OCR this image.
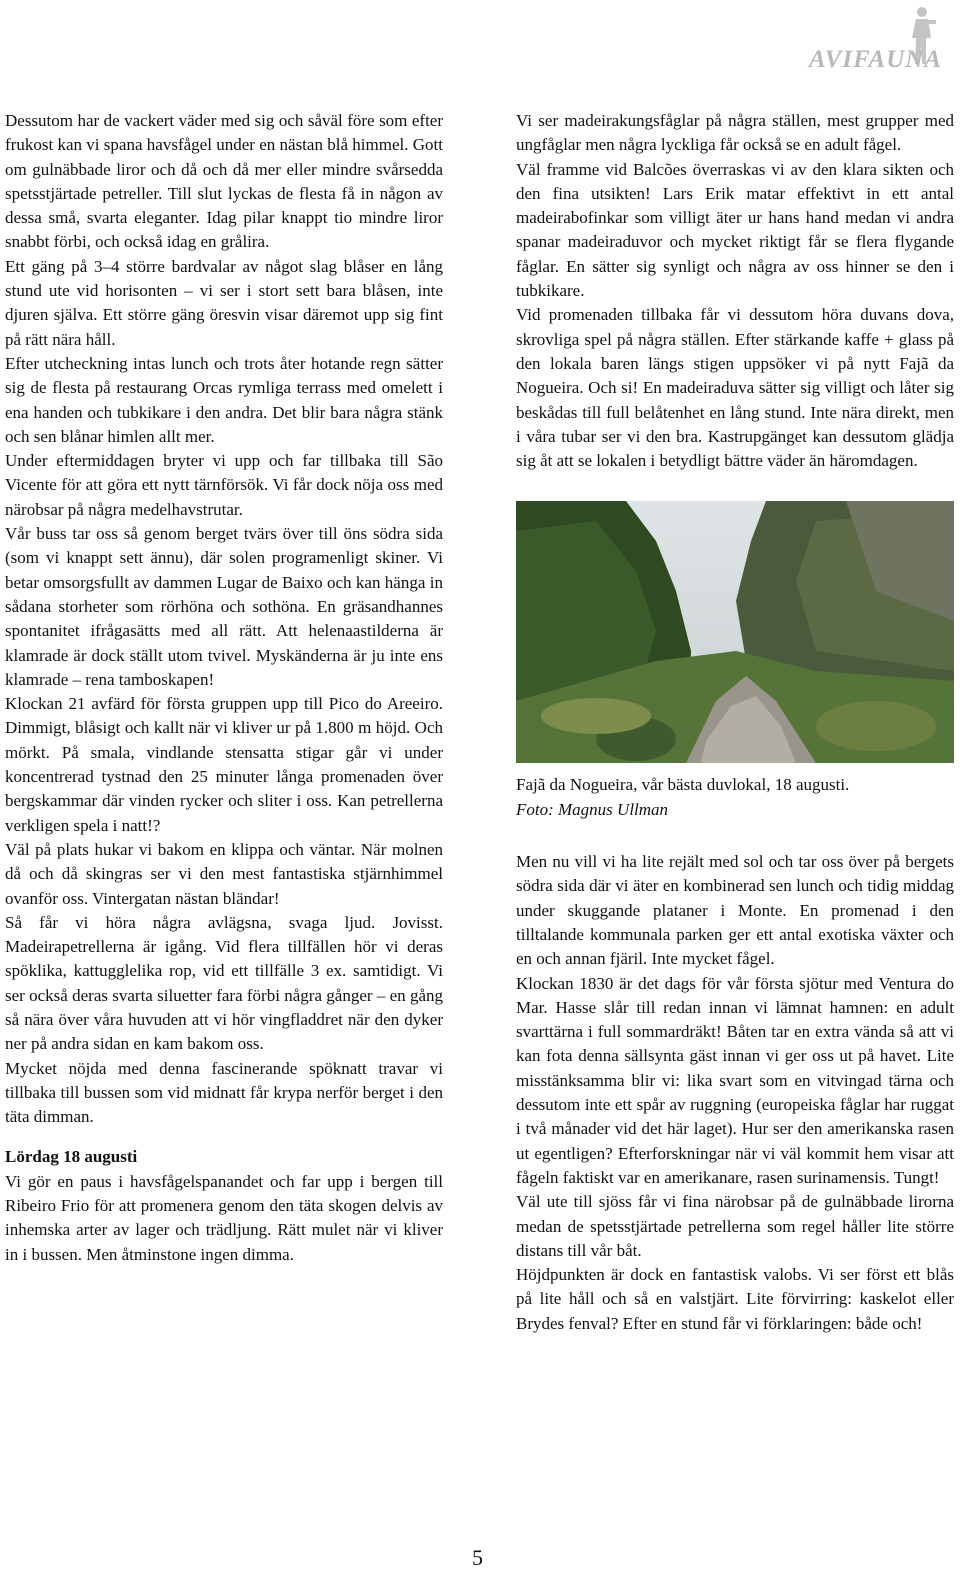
AVIFAUNA

Dessutom har de vackert väder med sig och såväl före som efter frukost kan vi spana havsfågel under en nästan blå himmel. Gott om gulnäbbade liror och då och då mer eller mindre svårsedda spetsstjärtade petreller. Till slut lyckas de flesta få in någon av dessa små, svarta eleganter. Idag pilar knappt tio mindre liror snabbt förbi, och också idag en grålira.

Ett gäng på 3–4 större bardvalar av något slag blåser en lång stund ute vid horisonten – vi ser i stort sett bara blåsen, inte djuren själva. Ett större gäng öresvin visar däremot upp sig fint på rätt nära håll.

Efter utcheckning intas lunch och trots åter hotande regn sätter sig de flesta på restaurang Orcas rymliga terrass med omelett i ena handen och tubkikare i den andra. Det blir bara några stänk och sen blånar himlen allt mer.

Under eftermiddagen bryter vi upp och far tillbaka till São Vicente för att göra ett nytt tärnförsök. Vi får dock nöja oss med närobsar på några medelhavstrutar.

Vår buss tar oss så genom berget tvärs över till öns södra sida (som vi knappt sett ännu), där solen programenligt skiner. Vi betar omsorgsfullt av dammen Lugar de Baixo och kan hänga in sådana storheter som rörhöna och sothöna. En gräsandhannes spontanitet ifrågasätts med all rätt. Att helenaastilderna är klamrade är dock ställt utom tvivel. Myskänderna är ju inte ens klamrade – rena tamboskapen!

Klockan 21 avfärd för första gruppen upp till Pico do Areeiro. Dimmigt, blåsigt och kallt när vi kliver ur på 1.800 m höjd. Och mörkt. På smala, vindlande stensatta stigar går vi under koncentrerad tystnad den 25 minuter långa promenaden över bergskammar där vinden rycker och sliter i oss. Kan petrellerna verkligen spela i natt!?

Väl på plats hukar vi bakom en klippa och väntar. När molnen då och då skingras ser vi den mest fantastiska stjärnhimmel ovanför oss. Vintergatan nästan bländar!

Så får vi höra några avlägsna, svaga ljud. Jovisst. Madeirapetrellerna är igång. Vid flera tillfällen hör vi deras spöklika, kattugglelika rop, vid ett tillfälle 3 ex. samtidigt. Vi ser också deras svarta siluetter fara förbi några gånger – en gång så nära över våra huvuden att vi hör vingfladdret när den dyker ner på andra sidan en kam bakom oss.

Mycket nöjda med denna fascinerande spöknatt travar vi tillbaka till bussen som vid midnatt får krypa nerför berget i den täta dimman.

Lördag 18 augusti

Vi gör en paus i havsfågelspanandet och far upp i bergen till Ribeiro Frio för att promenera genom den täta skogen delvis av inhemska arter av lager och trädljung. Rätt mulet när vi kliver in i bussen. Men åtminstone ingen dimma.

Vi ser madeirakungsfåglar på några ställen, mest grupper med ungfåglar men några lyckliga får också se en adult fågel.

Väl framme vid Balcões överraskas vi av den klara sikten och den fina utsikten! Lars Erik matar effektivt in ett antal madeirabofinkar som villigt äter ur hans hand medan vi andra spanar madeiraduvor och mycket riktigt får se flera flygande fåglar. En sätter sig synligt och några av oss hinner se den i tubkikare.

Vid promenaden tillbaka får vi dessutom höra duvans dova, skrovliga spel på några ställen. Efter stärkande kaffe + glass på den lokala baren längs stigen uppsöker vi på nytt Fajã da Nogueira. Och si! En madeiraduva sätter sig villigt och låter sig beskådas till full belåtenhet en lång stund. Inte nära direkt, men i våra tubar ser vi den bra. Kastrupgänget kan dessutom glädja sig åt att se lokalen i betydligt bättre väder än häromdagen.

Fajã da Nogueira, vår bästa duvlokal, 18 augusti.

Foto: Magnus Ullman

Men nu vill vi ha lite rejält med sol och tar oss över på bergets södra sida där vi äter en kombinerad sen lunch och tidig middag under skuggande plataner i Monte. En promenad i den tilltalande kommunala parken ger ett antal exotiska växter och en och annan fjäril. Inte mycket fågel.

Klockan 1830 är det dags för vår första sjötur med Ventura do Mar. Hasse slår till redan innan vi lämnat hamnen: en adult svarttärna i full sommardräkt! Båten tar en extra vända så att vi kan fota denna sällsynta gäst innan vi ger oss ut på havet. Lite misstänksamma blir vi: lika svart som en vitvingad tärna och dessutom inte ett spår av ruggning (europeiska fåglar har ruggat i två månader vid det här laget). Hur ser den amerikanska rasen ut egentligen? Efterforskningar när vi väl kommit hem visar att fågeln faktiskt var en amerikanare, rasen surinamensis. Tungt!

Väl ute till sjöss får vi fina närobsar på de gulnäbbade lirorna medan de spetsstjärtade petrellerna som regel håller lite större distans till vår båt.

Höjdpunkten är dock en fantastisk valobs. Vi ser först ett blås på lite håll och så en valstjärt. Lite förvirring: kaskelot eller Brydes fenval? Efter en stund får vi förklaringen: både och!

5
